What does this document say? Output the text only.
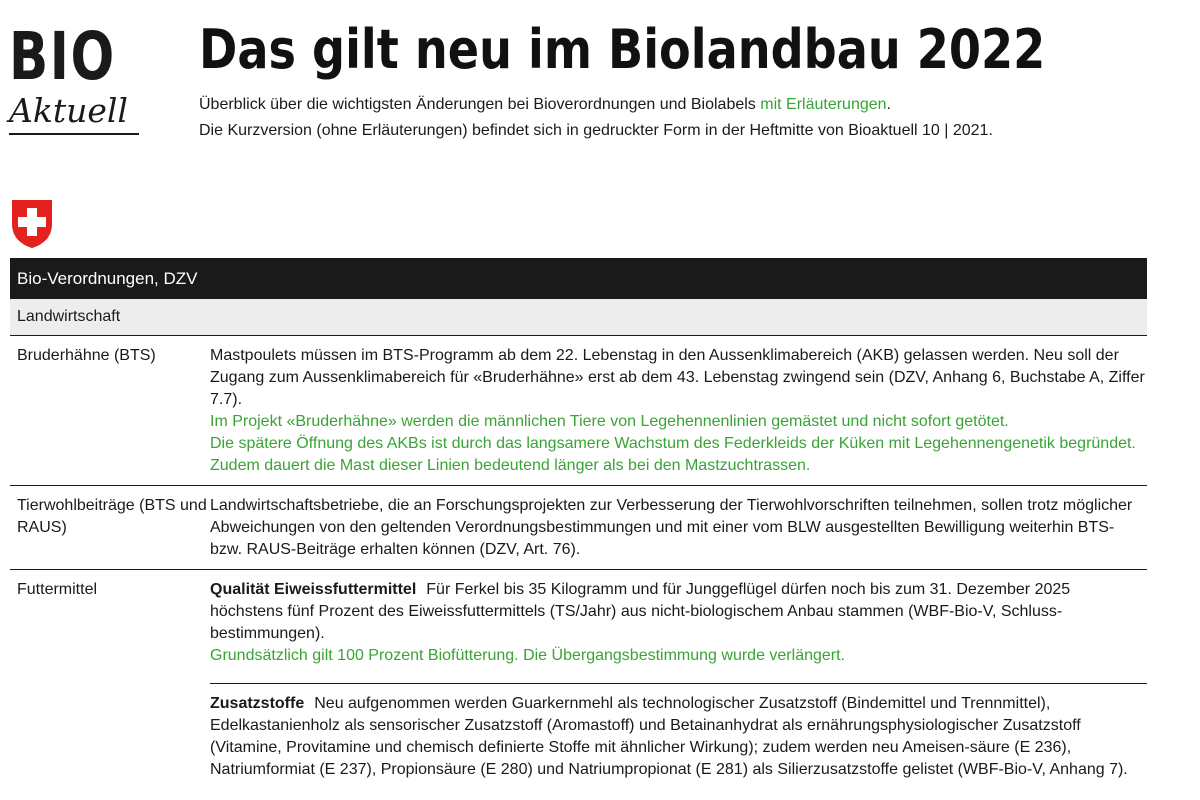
BIO
Aktuell
Das gilt neu im Biolandbau 2022

Überblick über die wichtigsten Änderungen bei Bioverordnungen und Biolabels mit Erläuterungen.

Die Kurzversion (ohne Erläuterungen) befindet sich in gedruckter Form in der Heftmitte von Bioaktuell 10 | 2021.

Bio-Verordnungen, DZV
Landwirtschaft
Bruderhähne (BTS)	Mastpoulets müssen im BTS-Programm ab dem 22. Lebenstag in den Aussenklimabereich (AKB) gelassen werden. Neu soll der Zugang zum Aussenklimabereich für «Bruderhähne» erst ab dem 43. Lebenstag zwingend sein (DZV, Anhang 6, Buchstabe A, Ziffer 7.7).

Im Projekt «Bruderhähne» werden die männlichen Tiere von Legehennenlinien gemästet und nicht sofort getötet.

Die spätere Öffnung des AKBs ist durch das langsamere Wachstum des Federkleids der Küken mit Legehennengenetik begründet. Zudem dauert die Mast dieser Linien bedeutend länger als bei den Mastzuchtrassen.

Tierwohlbeiträge (BTS und RAUS)

Landwirtschaftsbetriebe, die an Forschungsprojekten zur Verbesserung der Tierwohlvorschriften teilnehmen, sollen trotz möglicher Abweichungen von den geltenden Verordnungsbestimmungen und mit einer vom BLW ausgestellten Bewilligung weiterhin BTS- bzw. RAUS-Beiträge erhalten können (DZV, Art. 76).

Futtermittel	Qualität Eiweissfuttermittel Für Ferkel bis 35 Kilogramm und für Junggeflügel dürfen noch bis zum 31. Dezember 2025 höchstens fünf Prozent des Eiweissfuttermittels (TS/Jahr) aus nicht-biologischem Anbau stammen (WBF-Bio-V, Schluss-bestimmungen).

Grundsätzlich gilt 100 Prozent Biofütterung. Die Übergangsbestimmung wurde verlängert.

Zusatzstoffe Neu aufgenommen werden Guarkernmehl als technologischer Zusatzstoff (Bindemittel und Trennmittel), Edelkastanienholz als sensorischer Zusatzstoff (Aromastoff) und Betainanhydrat als ernährungsphysiologischer Zusatzstoff (Vitamine, Provitamine und chemisch definierte Stoffe mit ähnlicher Wirkung); zudem werden neu Ameisen-säure (E 236), Natriumformiat (E 237), Propionsäure (E 280) und Natriumpropionat (E 281) als Silierzusatzstoffe gelistet (WBF-Bio-V, Anhang 7).
